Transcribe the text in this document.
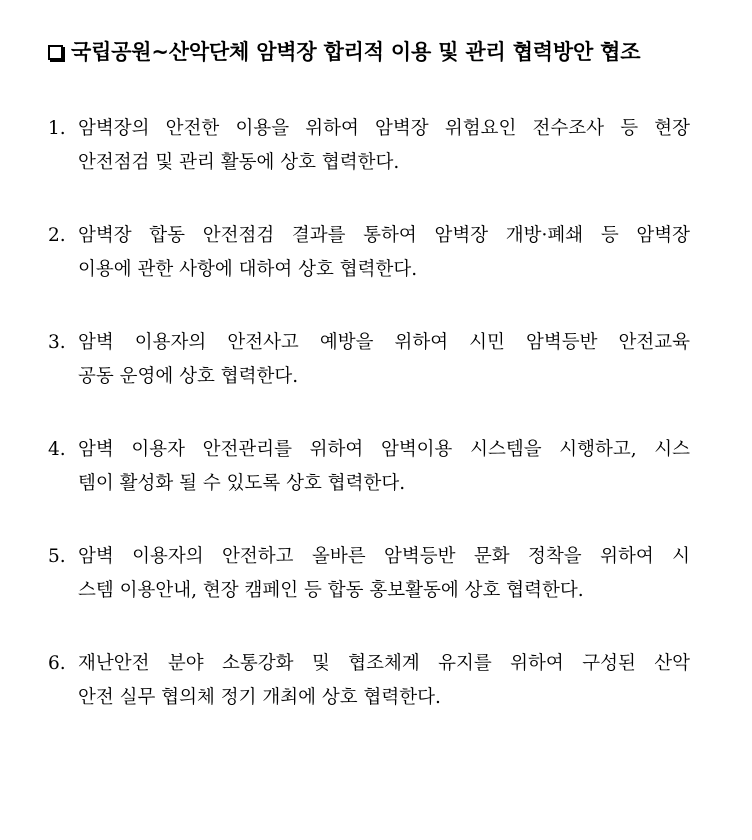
국립공원~산악단체 암벽장 합리적 이용 및 관리 협력방안 협조
1. 암벽장의 안전한 이용을 위하여 암벽장 위험요인 전수조사 등 현장
안전점검 및 관리 활동에 상호 협력한다.
2. 암벽장 합동 안전점검 결과를 통하여 암벽장 개방·폐쇄 등 암벽장
이용에 관한 사항에 대하여 상호 협력한다.
3. 암벽 이용자의 안전사고 예방을 위하여 시민 암벽등반 안전교육
공동 운영에 상호 협력한다.
4. 암벽 이용자 안전관리를 위하여 암벽이용 시스템을 시행하고, 시스
템이 활성화 될 수 있도록 상호 협력한다.
5. 암벽 이용자의 안전하고 올바른 암벽등반 문화 정착을 위하여 시
스템 이용안내, 현장 캠페인 등 합동 홍보활동에 상호 협력한다.
6. 재난안전 분야 소통강화 및 협조체계 유지를 위하여 구성된 산악
안전 실무 협의체 정기 개최에 상호 협력한다.
